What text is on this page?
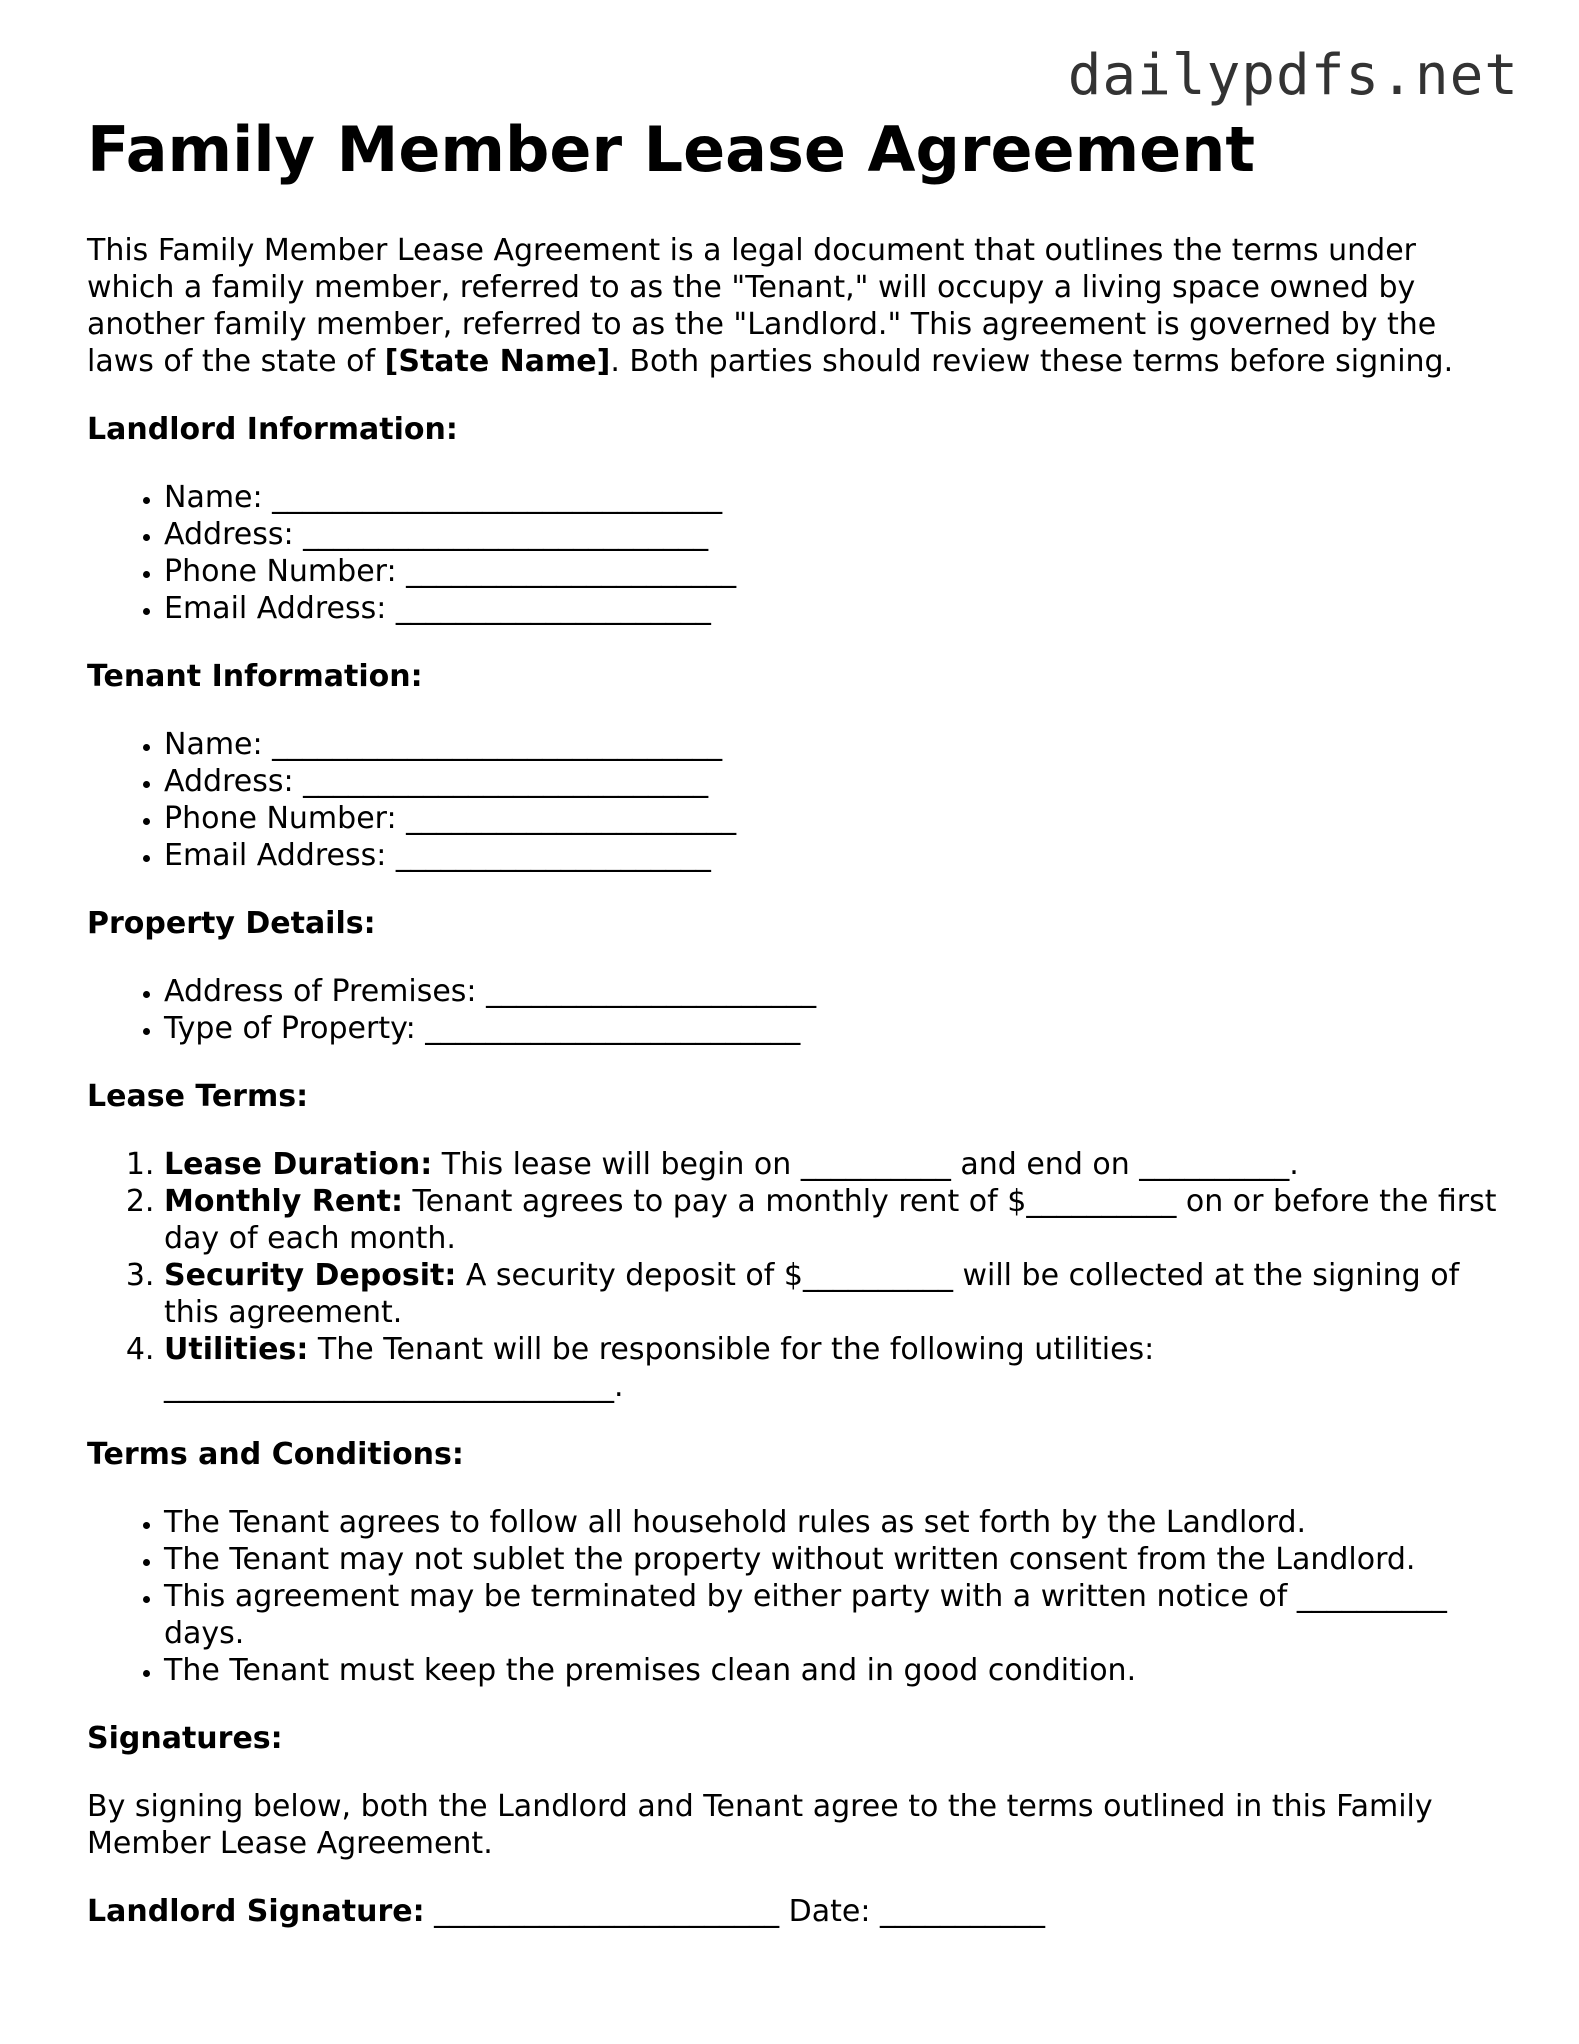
dailypdfs.net
Family Member Lease Agreement

This Family Member Lease Agreement is a legal document that outlines the terms under which a family member, referred to as the "Tenant," will occupy a living space owned by another family member, referred to as the "Landlord." This agreement is governed by the laws of the state of [State Name]. Both parties should review these terms before signing.

Landlord Information:

• Name: ______________________________
• Address: ___________________________
• Phone Number: ______________________
• Email Address: _____________________

Tenant Information:

• Name: ______________________________
• Address: ___________________________
• Phone Number: ______________________
• Email Address: _____________________

Property Details:

• Address of Premises: ______________________
• Type of Property: _________________________

Lease Terms:

1. Lease Duration: This lease will begin on __________ and end on __________.
2. Monthly Rent: Tenant agrees to pay a monthly rent of $__________ on or before the first day of each month.
3. Security Deposit: A security deposit of $__________ will be collected at the signing of this agreement.
4. Utilities: The Tenant will be responsible for the following utilities: ______________________________.

Terms and Conditions:

• The Tenant agrees to follow all household rules as set forth by the Landlord.
• The Tenant may not sublet the property without written consent from the Landlord.
• This agreement may be terminated by either party with a written notice of __________ days.
• The Tenant must keep the premises clean and in good condition.

Signatures:

By signing below, both the Landlord and Tenant agree to the terms outlined in this Family Member Lease Agreement.

Landlord Signature: _______________________ Date: ___________
